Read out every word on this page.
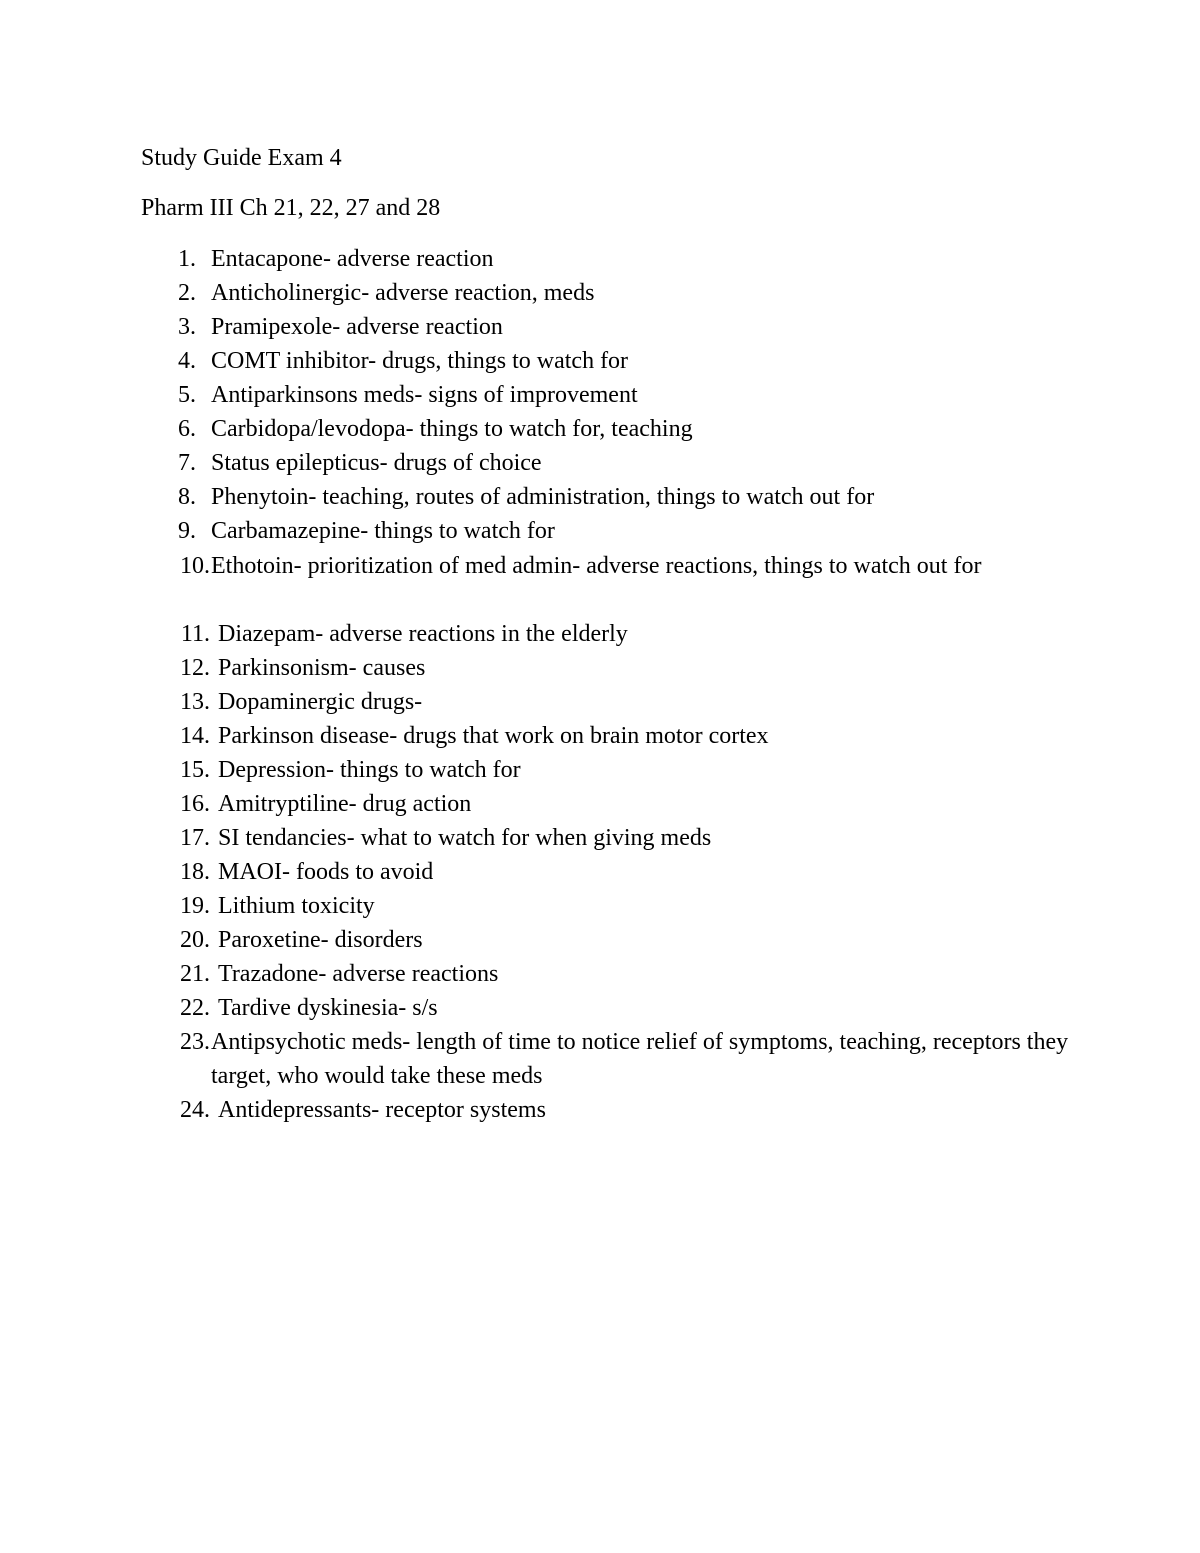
Study Guide Exam 4
Pharm III Ch 21, 22, 27 and 28
1. Entacapone- adverse reaction
2. Anticholinergic- adverse reaction, meds
3. Pramipexole- adverse reaction
4. COMT inhibitor- drugs, things to watch for
5. Antiparkinsons meds- signs of improvement
6. Carbidopa/levodopa- things to watch for, teaching
7. Status epilepticus- drugs of choice
8. Phenytoin- teaching, routes of administration, things to watch out for
9. Carbamazepine- things to watch for
10. Ethotoin- prioritization of med admin- adverse reactions, things to watch out for
11. Diazepam- adverse reactions in the elderly
12. Parkinsonism- causes
13. Dopaminergic drugs-
14. Parkinson disease- drugs that work on brain motor cortex
15. Depression- things to watch for
16. Amitryptiline- drug action
17. SI tendancies- what to watch for when giving meds
18. MAOI- foods to avoid
19. Lithium toxicity
20. Paroxetine- disorders
21. Trazadone- adverse reactions
22. Tardive dyskinesia- s/s
23. Antipsychotic meds- length of time to notice relief of symptoms, teaching, receptors they target, who would take these meds
24. Antidepressants- receptor systems
